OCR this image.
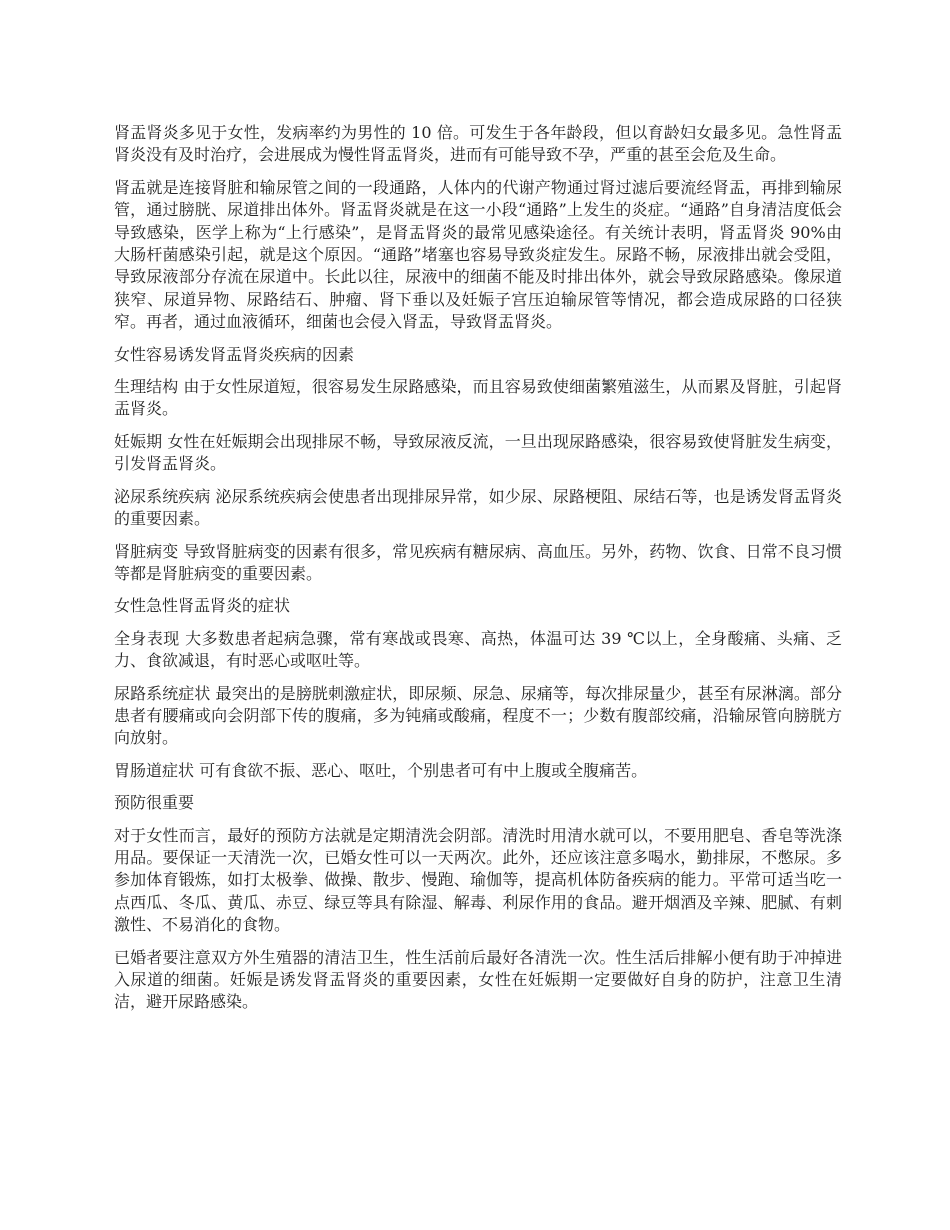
肾盂肾炎多见于女性，发病率约为男性的 10 倍。可发生于各年龄段，但以育龄妇女最多见。急性肾盂肾炎没有及时治疗，会进展成为慢性肾盂肾炎，进而有可能导致不孕，严重的甚至会危及生命。

肾盂就是连接肾脏和输尿管之间的一段通路，人体内的代谢产物通过肾过滤后要流经肾盂，再排到输尿管，通过膀胱、尿道排出体外。肾盂肾炎就是在这一小段“通路”上发生的炎症。“通路”自身清洁度低会导致感染，医学上称为“上行感染”，是肾盂肾炎的最常见感染途径。有关统计表明，肾盂肾炎 90%由大肠杆菌感染引起，就是这个原因。“通路”堵塞也容易导致炎症发生。尿路不畅，尿液排出就会受阻，导致尿液部分存流在尿道中。长此以往，尿液中的细菌不能及时排出体外，就会导致尿路感染。像尿道狭窄、尿道异物、尿路结石、肿瘤、肾下垂以及妊娠子宫压迫输尿管等情况，都会造成尿路的口径狭窄。再者，通过血液循环，细菌也会侵入肾盂，导致肾盂肾炎。

女性容易诱发肾盂肾炎疾病的因素

生理结构 由于女性尿道短，很容易发生尿路感染，而且容易致使细菌繁殖滋生，从而累及肾脏，引起肾盂肾炎。

妊娠期 女性在妊娠期会出现排尿不畅，导致尿液反流，一旦出现尿路感染，很容易致使肾脏发生病变，引发肾盂肾炎。

泌尿系统疾病 泌尿系统疾病会使患者出现排尿异常，如少尿、尿路梗阻、尿结石等，也是诱发肾盂肾炎的重要因素。

肾脏病变 导致肾脏病变的因素有很多，常见疾病有糖尿病、高血压。另外，药物、饮食、日常不良习惯等都是肾脏病变的重要因素。

女性急性肾盂肾炎的症状

全身表现 大多数患者起病急骤，常有寒战或畏寒、高热，体温可达 39 ℃以上，全身酸痛、头痛、乏力、食欲减退，有时恶心或呕吐等。

尿路系统症状 最突出的是膀胱刺激症状，即尿频、尿急、尿痛等，每次排尿量少，甚至有尿淋漓。部分患者有腰痛或向会阴部下传的腹痛，多为钝痛或酸痛，程度不一；少数有腹部绞痛，沿输尿管向膀胱方向放射。

胃肠道症状 可有食欲不振、恶心、呕吐，个别患者可有中上腹或全腹痛苦。

预防很重要

对于女性而言，最好的预防方法就是定期清洗会阴部。清洗时用清水就可以，不要用肥皂、香皂等洗涤用品。要保证一天清洗一次，已婚女性可以一天两次。此外，还应该注意多喝水，勤排尿，不憋尿。多参加体育锻炼，如打太极拳、做操、散步、慢跑、瑜伽等，提高机体防备疾病的能力。平常可适当吃一点西瓜、冬瓜、黄瓜、赤豆、绿豆等具有除湿、解毒、利尿作用的食品。避开烟酒及辛辣、肥腻、有刺激性、不易消化的食物。

已婚者要注意双方外生殖器的清洁卫生，性生活前后最好各清洗一次。性生活后排解小便有助于冲掉进入尿道的细菌。妊娠是诱发肾盂肾炎的重要因素，女性在妊娠期一定要做好自身的防护，注意卫生清洁，避开尿路感染。
